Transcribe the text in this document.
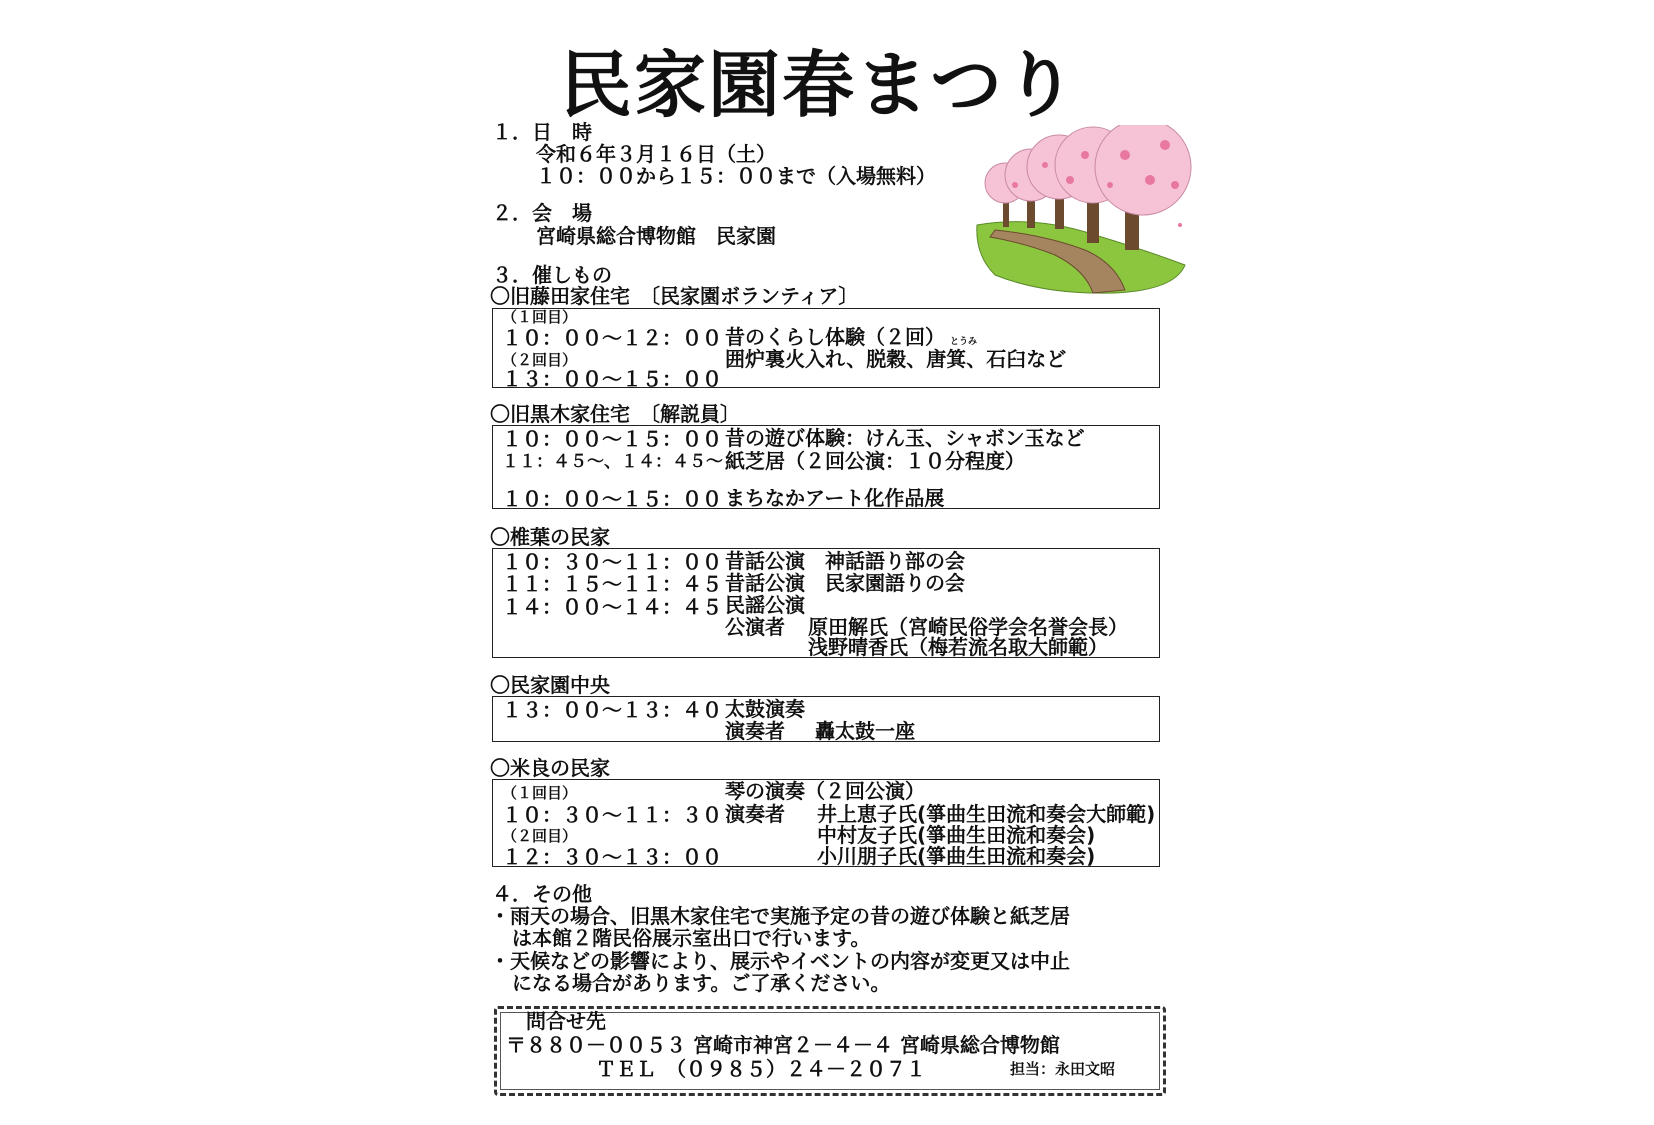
民家園春まつり
１．日　時
令和６年３月１６日（土）
１０：００から１５：００まで（入場無料）
２．会　場
宮崎県総合博物館　民家園
３．催しもの
〇旧藤田家住宅　〔民家園ボランティア〕
（１回目）
１０：００～１２：００
（２回目）
１３：００～１５：００
昔のくらし体験（２回） とうみ
囲炉裏火入れ、脱穀、唐箕、石臼など
〇旧黒木家住宅　〔解説員〕
１０：００～１５：００ 昔の遊び体験：けん玉、シャボン玉など
１１：４５～、１４：４５～ 紙芝居（２回公演：１０分程度）
１０：００～１５：００ まちなかアート化作品展
〇椎葉の民家
１０：３０～１１：００ 昔話公演　神話語り部の会
１１：１５～１１：４５ 昔話公演　民家園語りの会
１４：００～１４：４５ 民謡公演
公演者 原田解氏（宮崎民俗学会名誉会長）
浅野晴香氏（梅若流名取大師範）
〇民家園中央
１３：００～１３：４０ 太鼓演奏
演奏者 轟太鼓一座
〇米良の民家
（１回目）
１０：３０～１１：３０
（２回目）
１２：３０～１３：００
琴の演奏（２回公演）
演奏者 井上恵子氏(箏曲生田流和奏会大師範)
中村友子氏(箏曲生田流和奏会)
小川朋子氏(箏曲生田流和奏会)
４．その他
・雨天の場合、旧黒木家住宅で実施予定の昔の遊び体験と紙芝居
は本館２階民俗展示室出口で行います。
・天候などの影響により、展示やイベントの内容が変更又は中止
になる場合があります。ご了承ください。
問合せ先
〒８８０－００５３ 宮崎市神宮２－４－４ 宮崎県総合博物館
ＴＥＬ　（０９８５）２４－２０７１	担当：永田文昭
